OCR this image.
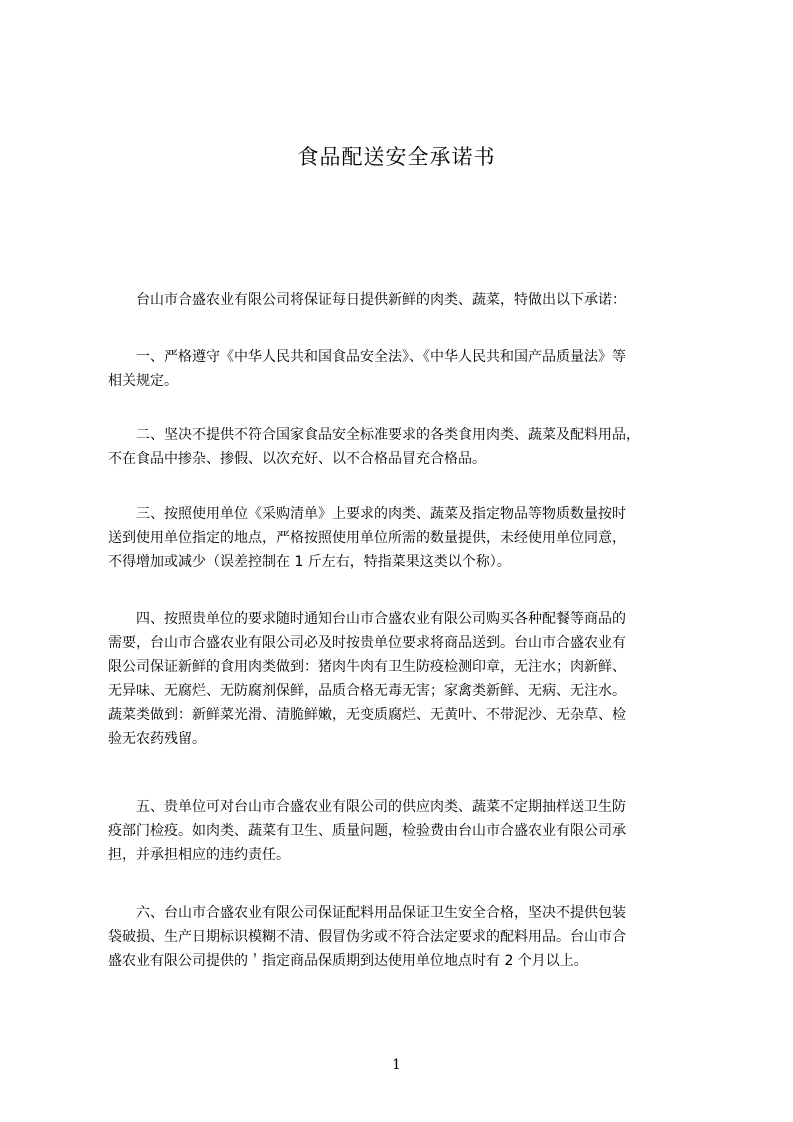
食品配送安全承诺书

台山市合盛农业有限公司将保证每日提供新鲜的肉类、蔬菜，特做出以下承诺：

一、严格遵守《中华人民共和国食品安全法》、《中华人民共和国产品质量法》等
相关规定。
二、坚决不提供不符合国家食品安全标准要求的各类食用肉类、蔬菜及配料用品，
不在食品中掺杂、掺假、以次充好、以不合格品冒充合格品。
三、按照使用单位《采购清单》上要求的肉类、蔬菜及指定物品等物质数量按时
送到使用单位指定的地点，严格按照使用单位所需的数量提供，未经使用单位同意，
不得增加或减少（误差控制在 1 斤左右，特指菜果这类以个称）。
四、按照贵单位的要求随时通知台山市合盛农业有限公司购买各种配餐等商品的
需要，台山市合盛农业有限公司必及时按贵单位要求将商品送到。台山市合盛农业有
限公司保证新鲜的食用肉类做到：猪肉牛肉有卫生防疫检测印章，无注水；肉新鲜、
无异味、无腐烂、无防腐剂保鲜，品质合格无毒无害；家禽类新鲜、无病、无注水。
蔬菜类做到：新鲜菜光滑、清脆鲜嫩，无变质腐烂、无黄叶、不带泥沙、无杂草、检
验无农药残留。
五、贵单位可对台山市合盛农业有限公司的供应肉类、蔬菜不定期抽样送卫生防
疫部门检疫。如肉类、蔬菜有卫生、质量问题，检验费由台山市合盛农业有限公司承
担，并承担相应的违约责任。
六、台山市合盛农业有限公司保证配料用品保证卫生安全合格，坚决不提供包装
袋破损、生产日期标识模糊不清、假冒伪劣或不符合法定要求的配料用品。台山市合
盛农业有限公司提供的＇指定商品保质期到达使用单位地点时有 2 个月以上。
1
